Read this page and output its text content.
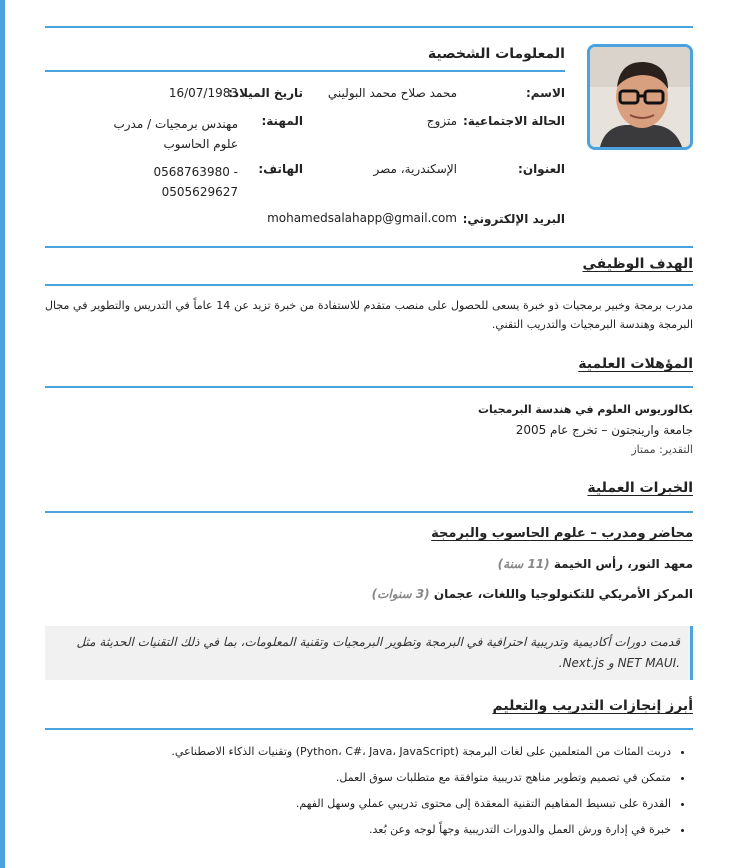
المعلومات الشخصية
الاسم:
محمد صلاح محمد البوليني
تاريخ الميلاد:
16/07/1983
الحالة الاجتماعية:
متزوج
المهنة:
مهندس برمجيات / مدرب علوم الحاسوب
العنوان:
الإسكندرية، مصر
الهاتف:
0568763980 - 0505629627
البريد الإلكتروني:
mohamedsalahapp@gmail.com
الهدف الوظيفي
مدرب برمجة وخبير برمجيات ذو خبرة يسعى للحصول على منصب متقدم للاستفادة من خبرة تزيد عن 14 عاماً في التدريس والتطوير في مجال البرمجة وهندسة البرمجيات والتدريب التقني.
المؤهلات العلمية
بكالوريوس العلوم في هندسة البرمجيات
جامعة وارينجتون – تخرج عام 2005
التقدير: ممتاز
الخبرات العملية
محاضر ومدرب – علوم الحاسوب والبرمجة
معهد النور، رأس الخيمة (11 سنة)
المركز الأمريكي للتكنولوجيا واللغات، عجمان (3 سنوات)
قدمت دورات أكاديمية وتدريبية احترافية في البرمجة وتطوير البرمجيات وتقنية المعلومات، بما في ذلك التقنيات الحديثة مثل .NET MAUI و Next.js.
أبرز إنجازات التدريب والتعليم
• دربت المئات من المتعلمين على لغات البرمجة (Python، C#، Java، JavaScript) وتقنيات الذكاء الاصطناعي.
• متمكن في تصميم وتطوير مناهج تدريبية متوافقة مع متطلبات سوق العمل.
• القدرة على تبسيط المفاهيم التقنية المعقدة إلى محتوى تدريبي عملي وسهل الفهم.
• خبرة في إدارة ورش العمل والدورات التدريبية وجهاً لوجه وعن بُعد.
